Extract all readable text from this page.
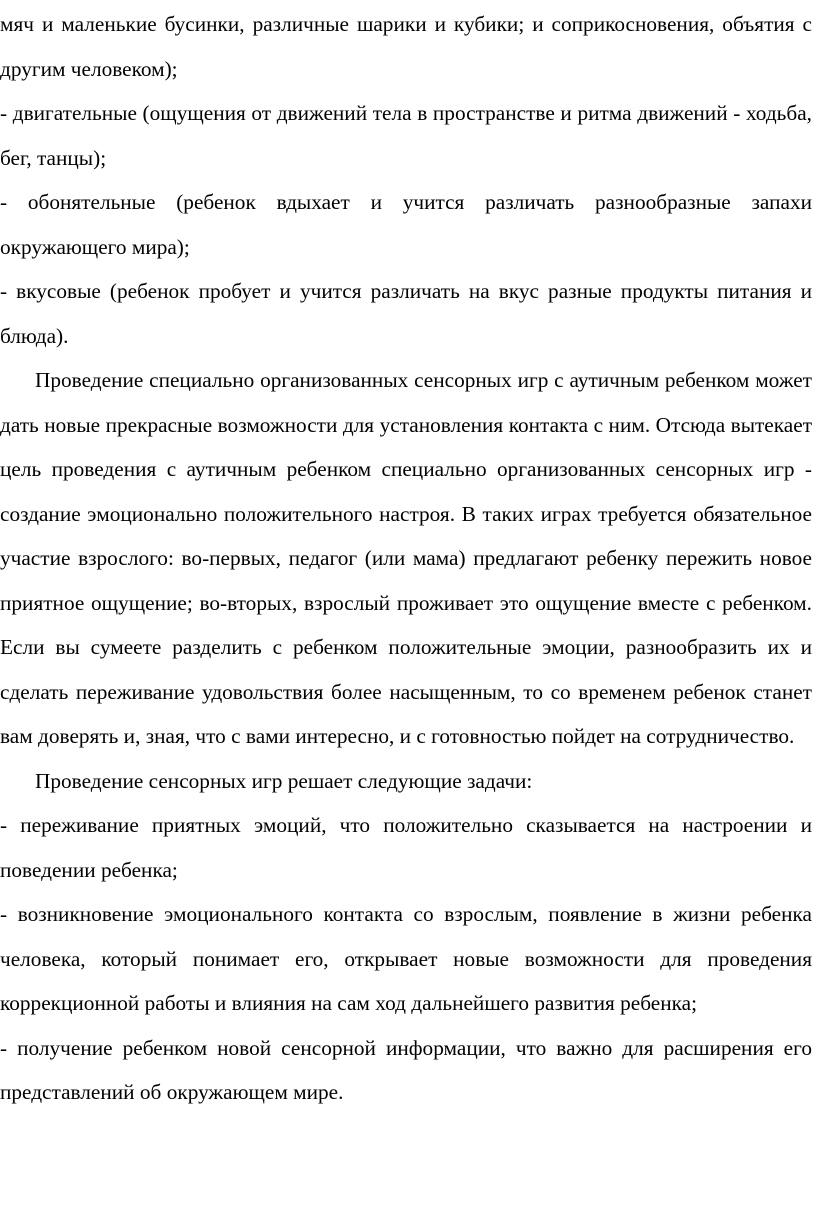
мяч и маленькие бусинки, различные шарики и кубики; и соприкосновения, объятия с другим человеком);

- двигательные (ощущения от движений тела в пространстве и ритма движений - ходьба, бег, танцы);

- обонятельные (ребенок вдыхает и учится различать разнообразные запахи окружающего мира);

- вкусовые (ребенок пробует и учится различать на вкус разные продукты питания и блюда).

Проведение специально организованных сенсорных игр с аутичным ребенком может дать новые прекрасные возможности для установления контакта с ним. Отсюда вытекает цель проведения с аутичным ребенком специально организованных сенсорных игр - создание эмоционально положительного настроя. В таких играх требуется обязательное участие взрослого: во-первых, педагог (или мама) предлагают ребенку пережить новое приятное ощущение; во-вторых, взрослый проживает это ощущение вместе с ребенком. Если вы сумеете разделить с ребенком положительные эмоции, разнообразить их и сделать переживание удовольствия более насыщенным, то со временем ребенок станет вам доверять и, зная, что с вами интересно, и с готовностью пойдет на сотрудничество.

Проведение сенсорных игр решает следующие задачи:

- переживание приятных эмоций, что положительно сказывается на настроении и поведении ребенка;

- возникновение эмоционального контакта со взрослым, появление в жизни ребенка человека, который понимает его, открывает новые возможности для проведения коррекционной работы и влияния на сам ход дальнейшего развития ребенка;

- получение ребенком новой сенсорной информации, что важно для расширения его представлений об окружающем мире.
